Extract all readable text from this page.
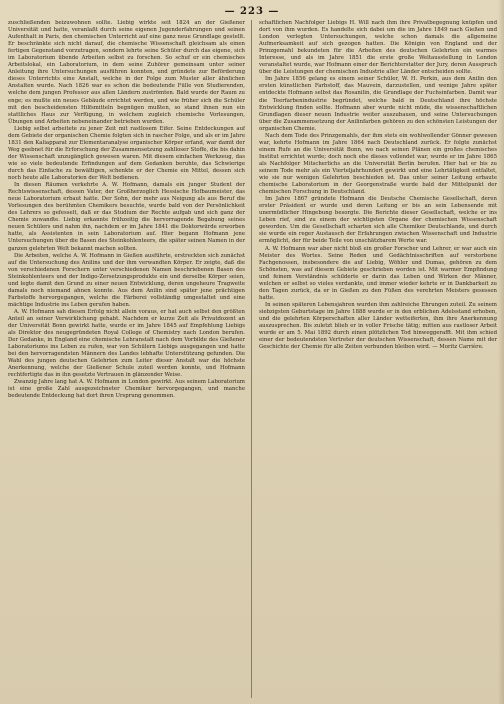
— 223 —

zuschließenden beizuwohnen sollte. Liebig wirkte seit 1824 an der Gießener Universität und hatte, veranlaßt durch seine eigenen Jugenderfahrungen und seinen Aufenthalt in Paris, den chemischen Unterricht auf eine ganz neue Grundlage gestellt. Er beschränkte sich nicht darauf, die chemische Wissenschaft gleichsam als einen fertigen Gegenstand vorzutragen, sondern lehrte seine Schüler durch das eigene, sich im Laboratorium übende Arbeiten selbst zu forschen. So schuf er ein chemisches Arbeitslokal, ein Laboratorium, in dem seine Zuhörer gemeinsam unter seiner Anleitung ihre Untersuchungen ausführen konnten, und gründete zur Beförderung dieses Unterrichts eine Anstalt, welche in der Folge zum Muster aller ähnlichen Anstalten wurde. Nach 1826 war es schon die bedeutende Fülle von Studierenden, welche dem jungen Professor aus allen Ländern zuströmten. Bald wurde der Raum zu enge; es mußte ein neues Gebäude errichtet werden, und wie früher sich die Schüler mit den bescheidensten Hilfsmitteln begnügen mußten, so stand ihnen nun ein stattliches Haus zur Verfügung, in welchem zugleich chemische Vorlesungen, Übungen und Arbeiten nebeneinander betrieben wurden.

Liebig selbst arbeitete zu jener Zeit mit rastlosem Eifer. Seine Entdeckungen auf dem Gebiete der organischen Chemie folgten sich in rascher Folge, und als er im Jahre 1831 den Kaliapparat zur Elementaranalyse organischer Körper erfand, war damit der Weg geebnet für die Erforschung der Zusammensetzung zahlloser Stoffe, die bis dahin der Wissenschaft unzugänglich gewesen waren. Mit diesem einfachen Werkzeug, das wie so viele bedeutende Erfindungen auf dem Gedanken beruhte, das Schwierige durch das Einfache zu bewältigen, schenkte er der Chemie ein Mittel, dessen sich noch heute alle Laboratorien der Welt bedienen.

In diesen Räumen verkehrte A. W. Hofmann, damals ein junger Student der Rechtswissenschaft, dessen Vater, der Großherzoglich Hessische Hofbaumeister, das neue Laboratorium erbaut hatte. Der Sohn, der mehr aus Neigung als aus Beruf die Vorlesungen des berühmten Chemikers besuchte, wurde bald von der Persönlichkeit des Lehrers so gefesselt, daß er das Studium der Rechte aufgab und sich ganz der Chemie zuwandte. Liebig erkannte frühzeitig die hervorragende Begabung seines neuen Schülers und nahm ihn, nachdem er im Jahre 1841 die Doktorwürde erworben hatte, als Assistenten in sein Laboratorium auf. Hier begann Hofmann jene Untersuchungen über die Basen des Steinkohlenteers, die später seinen Namen in der ganzen gelehrten Welt bekannt machen sollten.

Die Arbeiten, welche A. W. Hofmann in Gießen ausführte, erstreckten sich zunächst auf die Untersuchung des Anilins und der ihm verwandten Körper. Er zeigte, daß die von verschiedenen Forschern unter verschiedenen Namen beschriebenen Basen des Steinkohlenteers und der Indigo-Zersetzungsprodukte ein und derselbe Körper seien, und legte damit den Grund zu einer neuen Entwicklung, deren ungeheure Tragweite damals noch niemand ahnen konnte. Aus dem Anilin sind später jene prächtigen Farbstoffe hervorgegangen, welche die Färberei vollständig umgestaltet und eine mächtige Industrie ins Leben gerufen haben.

A. W. Hofmann sah diesen Erfolg nicht allein voraus, er hat auch selbst den größten Anteil an seiner Verwirklichung gehabt. Nachdem er kurze Zeit als Privatdozent an der Universität Bonn gewirkt hatte, wurde er im Jahre 1845 auf Empfehlung Liebigs als Direktor des neugegründeten Royal College of Chemistry nach London berufen. Der Gedanke, in England eine chemische Lehranstalt nach dem Vorbilde des Gießener Laboratoriums ins Leben zu rufen, war von Schülern Liebigs ausgegangen und hatte bei den hervorragendsten Männern des Landes lebhafte Unterstützung gefunden. Die Wahl des jungen deutschen Gelehrten zum Leiter dieser Anstalt war die höchste Anerkennung, welche der Gießener Schule zuteil werden konnte, und Hofmann rechtfertigte das in ihn gesetzte Vertrauen in glänzender Weise.

Zwanzig Jahre lang hat A. W. Hofmann in London gewirkt. Aus seinem Laboratorium ist eine große Zahl ausgezeichneter Chemiker hervorgegangen, und manche bedeutende Entdeckung hat dort ihren Ursprung genommen.

schaftlichen Nachfolger Liebigs H. Will nach ihm ihre Privatbegegnung knüpfen und dort von ihm wurden. Es handelte sich dabei um die im Jahre 1849 nach Gießen und London verlegten Untersuchungen, welche schon damals die allgemeine Aufmerksamkeit auf sich gezogen hatten. Die Königin von England und der Prinzgemahl bekundeten für die Arbeiten des deutschen Gelehrten ein warmes Interesse, und als im Jahre 1851 die erste große Weltausstellung in London veranstaltet wurde, war Hofmann einer der Berichterstatter der Jury, deren Ausspruch über die Leistungen der chemischen Industrie aller Länder entscheiden sollte.

Im Jahre 1856 gelang es einem seiner Schüler, W. H. Perkin, aus dem Anilin den ersten künstlichen Farbstoff, das Mauvein, darzustellen, und wenige Jahre später entdeckte Hofmann selbst das Rosanilin, die Grundlage der Fuchsinfarben. Damit war die Teerfarbenindustrie begründet, welche bald in Deutschland ihre höchste Entwicklung finden sollte. Hofmann aber wurde nicht müde, die wissenschaftlichen Grundlagen dieser neuen Industrie weiter auszubauen, und seine Untersuchungen über die Zusammensetzung der Anilinfarben gehören zu den schönsten Leistungen der organischen Chemie.

Nach dem Tode des Prinzgemahls, der ihm stets ein wohlwollender Gönner gewesen war, kehrte Hofmann im Jahre 1864 nach Deutschland zurück. Er folgte zunächst einem Rufe an die Universität Bonn, wo nach seinen Plänen ein großes chemisches Institut errichtet wurde; doch noch ehe dieses vollendet war, wurde er im Jahre 1865 als Nachfolger Mitscherlichs an die Universität Berlin berufen. Hier hat er bis zu seinem Tode mehr als ein Vierteljahrhundert gewirkt und eine Lehrtätigkeit entfaltet, wie sie nur wenigen Gelehrten beschieden ist. Das unter seiner Leitung erbaute chemische Laboratorium in der Georgenstraße wurde bald der Mittelpunkt der chemischen Forschung in Deutschland.

Im Jahre 1867 gründete Hofmann die Deutsche Chemische Gesellschaft, deren erster Präsident er wurde und deren Leitung er bis an sein Lebensende mit unermüdlicher Hingebung besorgte. Die Berichte dieser Gesellschaft, welche er ins Leben rief, sind zu einem der wichtigsten Organe der chemischen Wissenschaft geworden. Um die Gesellschaft scharten sich alle Chemiker Deutschlands, und durch sie wurde ein reger Austausch der Erfahrungen zwischen Wissenschaft und Industrie ermöglicht, der für beide Teile von unschätzbarem Werte war.

A. W. Hofmann war aber nicht bloß ein großer Forscher und Lehrer, er war auch ein Meister des Wortes. Seine Reden und Gedächtnisschriften auf verstorbene Fachgenossen, insbesondere die auf Liebig, Wöhler und Dumas, gehören zu dem Schönsten, was auf diesem Gebiete geschrieben worden ist. Mit warmer Empfindung und feinem Verständnis schilderte er darin das Leben und Wirken der Männer, welchen er selbst so vieles verdankte, und immer wieder kehrte er in Dankbarkeit zu den Tagen zurück, da er in Gießen zu den Füßen des verehrten Meisters gesessen hatte.

In seinen späteren Lebensjahren wurden ihm zahlreiche Ehrungen zuteil. Zu seinem siebzigsten Geburtstage im Jahre 1888 wurde er in den erblichen Adelsstand erhoben, und die gelehrten Körperschaften aller Länder wetteiferten, ihm ihre Anerkennung auszusprechen. Bis zuletzt blieb er in voller Frische tätig; mitten aus rastloser Arbeit wurde er am 5. Mai 1892 durch einen plötzlichen Tod hinweggerafft. Mit ihm schied einer der bedeutendsten Vertreter der deutschen Wissenschaft, dessen Name mit der Geschichte der Chemie für alle Zeiten verbunden bleiben wird. — Moritz Carrière.
